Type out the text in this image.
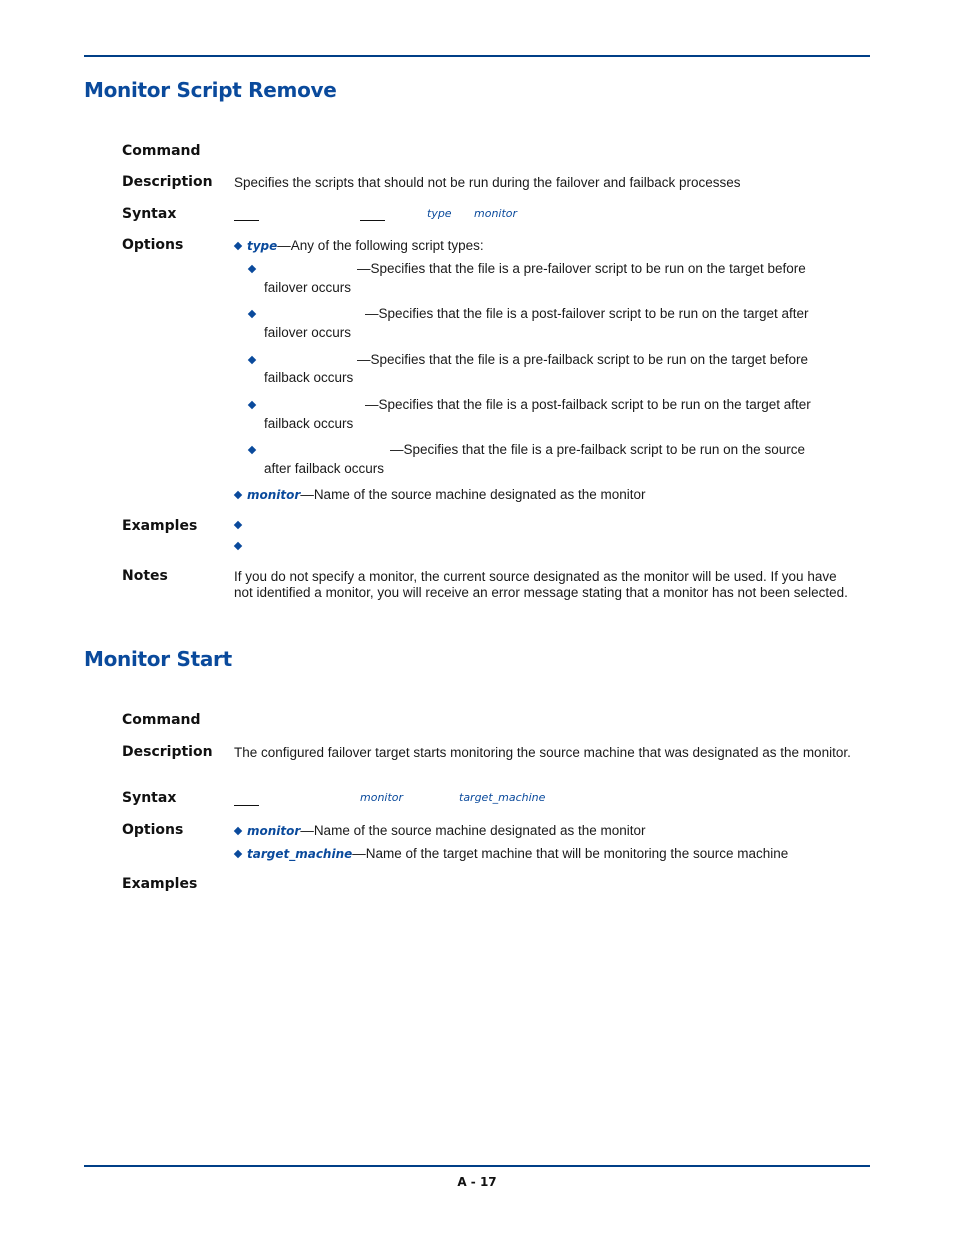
Monitor Script Remove

Command

Description Specifies the scripts that should not be run during the failover and failback processes

Syntax	type monitor

Options	type—Any of the following script types:

—Specifies that the file is a pre-failover script to be run on the target before

failover occurs

—Specifies that the file is a post-failover script to be run on the target after

failover occurs

—Specifies that the file is a pre-failback script to be run on the target before

failback occurs

—Specifies that the file is a post-failback script to be run on the target after

failback occurs

—Specifies that the file is a pre-failback script to be run on the source

after failback occurs

monitor—Name of the source machine designated as the monitor

Examples

Notes	If you do not specify a monitor, the current source designated as the monitor will be used. If you have not identified a monitor, you will receive an error message stating that a monitor has not been selected.

Monitor Start

Command

Description The configured failover target starts monitoring the source machine that was designated as the monitor.

Syntax	monitor	target_machine

Options	monitor—Name of the source machine designated as the monitor

target_machine—Name of the target machine that will be monitoring the source machine

Examples

A - 17
